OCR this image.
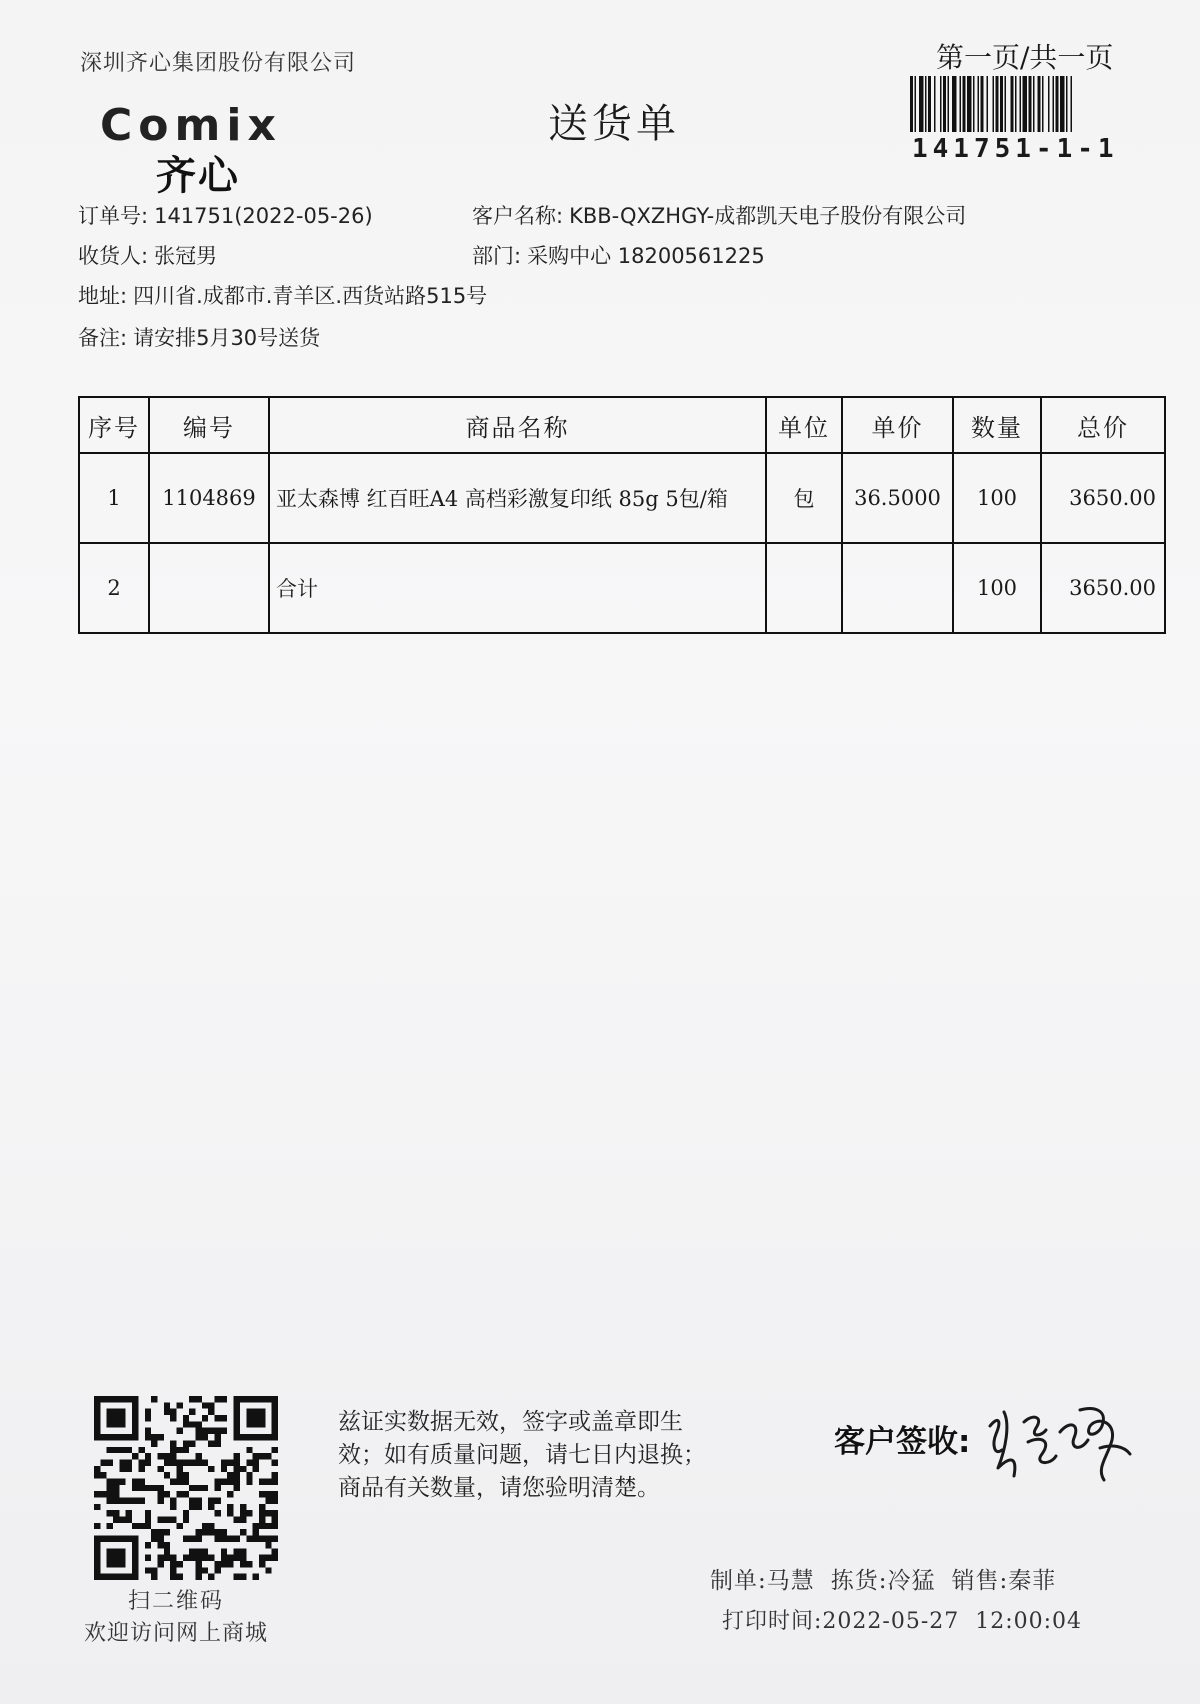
深圳齐心集团股份有限公司
Comix
齐心
送货单
第一页/共一页
141751-1-1
订单号: 141751(2022-05-26)	客户名称: KBB-QXZHGY-成都凯天电子股份有限公司
收货人: 张冠男	部门: 采购中心 18200561225
地址: 四川省.成都市.青羊区.西货站路515号
备注: 请安排5月30号送货
序号	编号	商品名称	单位	单价	数量	总价
1	1104869	亚太森博 红百旺A4 高档彩激复印纸 85g 5包/箱	包	36.5000	100	3650.00
2		合计			100	3650.00
扫二维码
欢迎访问网上商城
兹证实数据无效，签字或盖章即生
效；如有质量问题，请七日内退换；
商品有关数量，请您验明清楚。
客户签收:
制单:马慧 拣货:冷猛 销售:秦菲
打印时间:2022-05-27  12:00:04
